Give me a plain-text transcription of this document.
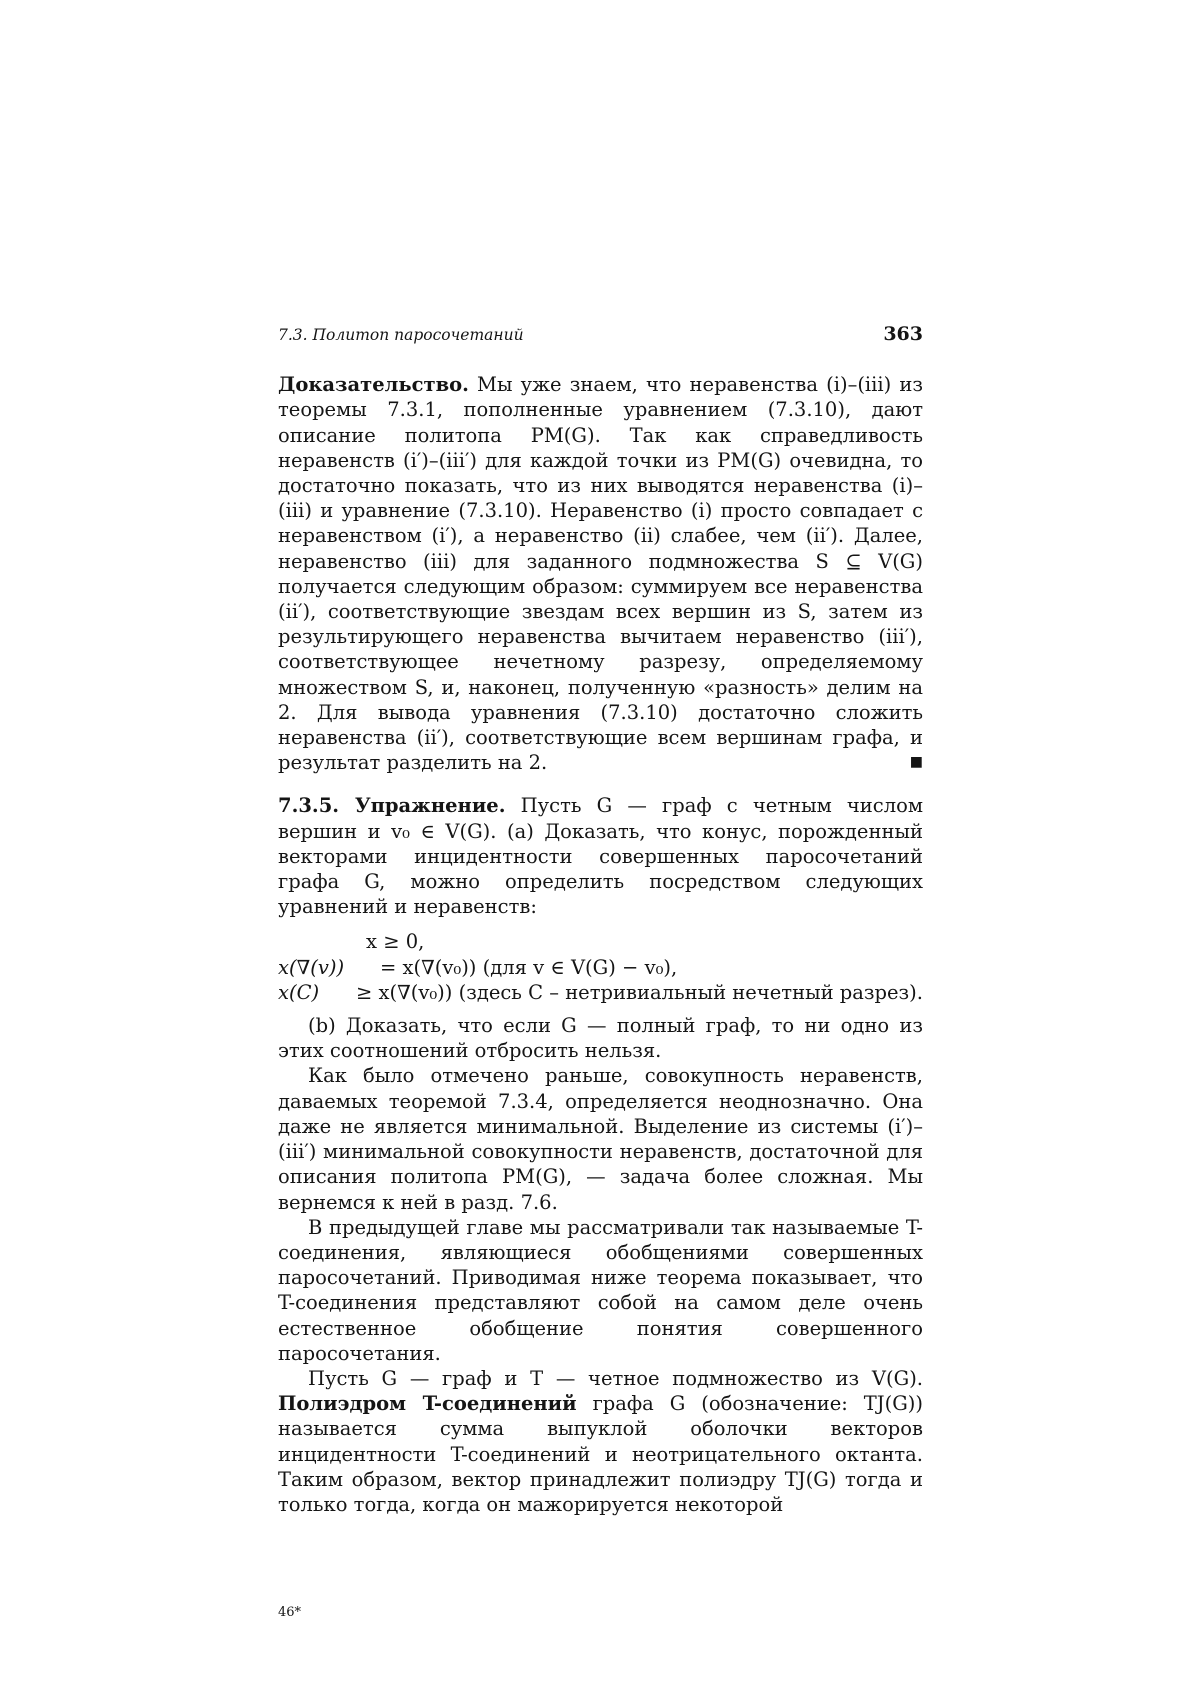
7.3. Политоп паросочетаний	363

Доказательство. Мы уже знаем, что неравенства (i)–(iii) из теоремы 7.3.1, пополненные уравнением (7.3.10), дают описание политопа PM(G). Так как справедливость неравенств (i′)–(iii′) для каждой точки из PM(G) очевидна, то достаточно показать, что из них выводятся неравенства (i)–(iii) и уравнение (7.3.10). Неравенство (i) просто совпадает с неравенством (i′), а неравенство (ii) слабее, чем (ii′). Далее, неравенство (iii) для заданного подмножества S ⊆ V(G) получается следующим образом: суммируем все неравенства (ii′), соответствующие звездам всех вершин из S, затем из результирующего неравенства вычитаем неравенство (iii′), соответствующее нечетному разрезу, определяемому множеством S, и, наконец, полученную «разность» делим на 2. Для вывода уравнения (7.3.10) достаточно сложить неравенства (ii′), соответствующие всем вершинам графа, и результат разделить на 2.	■

7.3.5. Упражнение. Пусть G — граф с четным числом вершин и v₀ ∈ V(G). (a) Доказать, что конус, порожденный векторами инцидентности совершенных паросочетаний графа G, можно определить посредством следующих уравнений и неравенств:

x ≥ 0,
x(∇(v))	= x(∇(v₀)) (для v ∈ V(G) − v₀),
x(C)	≥ x(∇(v₀)) (здесь C – нетривиальный нечетный разрез).

(b) Доказать, что если G — полный граф, то ни одно из этих соотношений отбросить нельзя.

Как было отмечено раньше, совокупность неравенств, даваемых теоремой 7.3.4, определяется неоднозначно. Она даже не является минимальной. Выделение из системы (i′)–(iii′) минимальной совокупности неравенств, достаточной для описания политопа PM(G), — задача более сложная. Мы вернемся к ней в разд. 7.6.

В предыдущей главе мы рассматривали так называемые T-соединения, являющиеся обобщениями совершенных паросочетаний. Приводимая ниже теорема показывает, что T-соединения представляют собой на самом деле очень естественное обобщение понятия совершенного паросочетания.

Пусть G — граф и T — четное подмножество из V(G). Полиэдром T-соединений графа G (обозначение: TJ(G)) называется сумма выпуклой оболочки векторов инцидентности T-соединений и неотрицательного октанта. Таким образом, вектор принадлежит полиэдру TJ(G) тогда и только тогда, когда он мажорируется некоторой

46*
